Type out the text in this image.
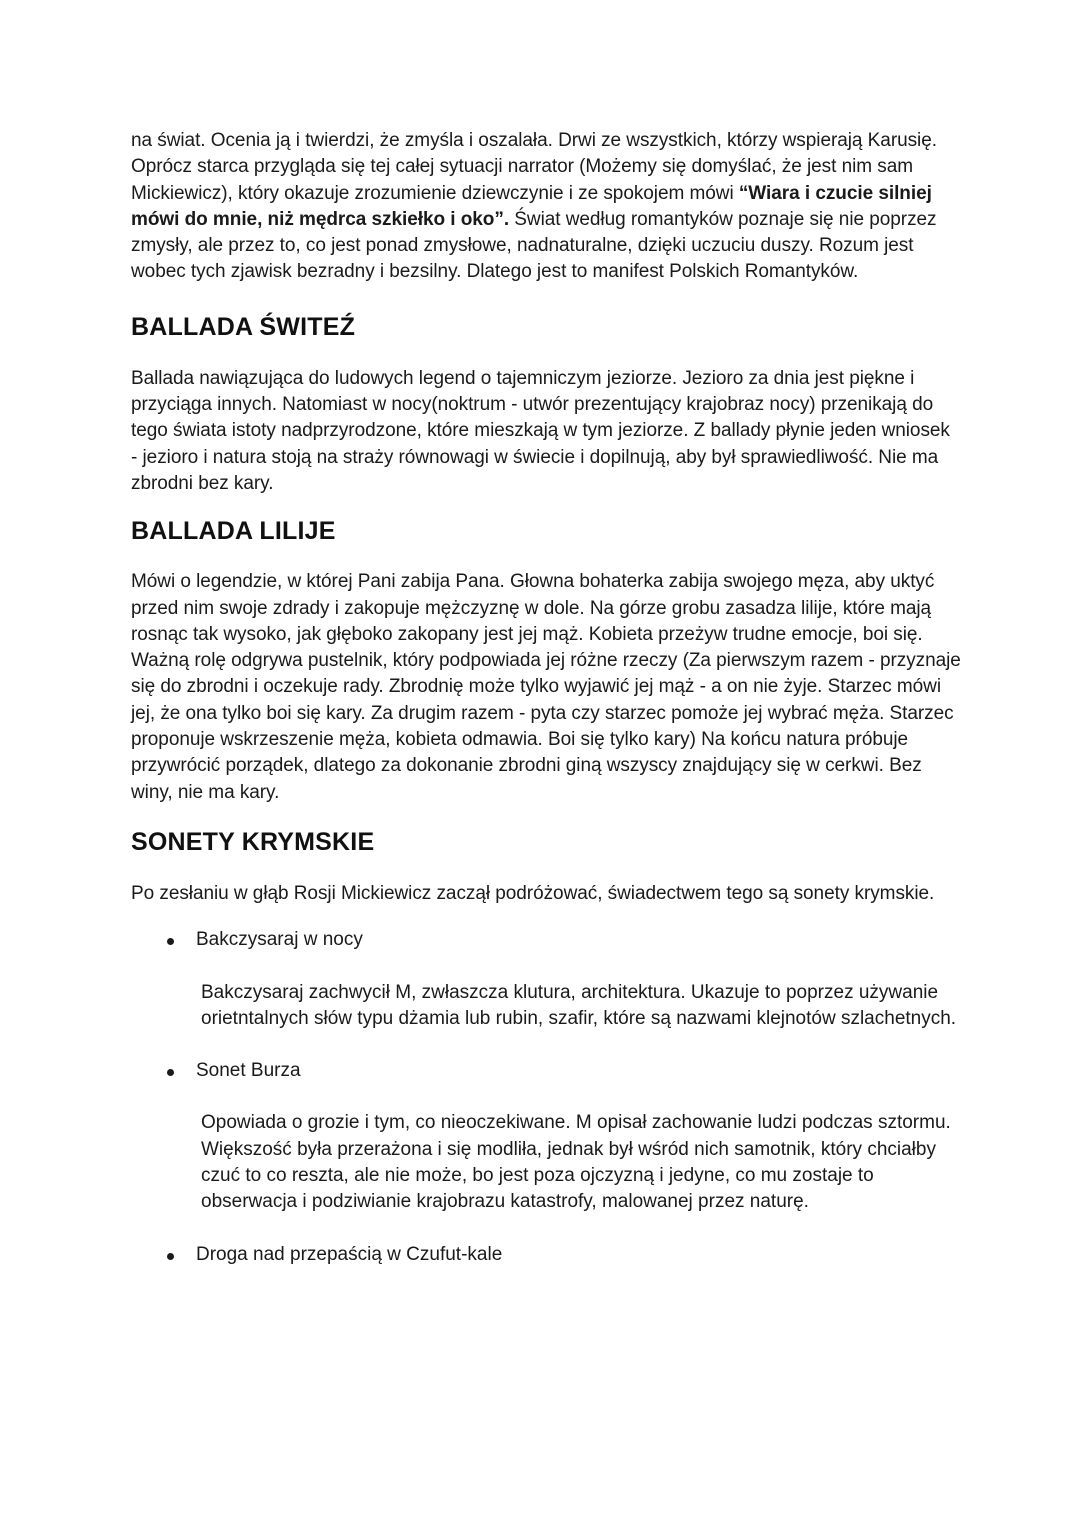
na świat. Ocenia ją i twierdzi, że zmyśla i oszalała. Drwi ze wszystkich, którzy wspierają Karusię. Oprócz starca przygląda się tej całej sytuacji narrator (Możemy się domyślać, że jest nim sam Mickiewicz), który okazuje zrozumienie dziewczynie i ze spokojem mówi “Wiara i czucie silniej mówi do mnie, niż mędrca szkiełko i oko”. Świat według romantyków poznaje się nie poprzez zmysły, ale przez to, co jest ponad zmysłowe, nadnaturalne, dzięki uczuciu duszy. Rozum jest wobec tych zjawisk bezradny i bezsilny. Dlatego jest to manifest Polskich Romantyków.

BALLADA ŚWITEŹ

Ballada nawiązująca do ludowych legend o tajemniczym jeziorze. Jezioro za dnia jest piękne i przyciąga innych. Natomiast w nocy(noktrum - utwór prezentujący krajobraz nocy) przenikają do tego świata istoty nadprzyrodzone, które mieszkają w tym jeziorze. Z ballady płynie jeden wniosek - jezioro i natura stoją na straży równowagi w świecie i dopilnują, aby był sprawiedliwość. Nie ma zbrodni bez kary.

BALLADA LILIJE

Mówi o legendzie, w której Pani zabija Pana. Głowna bohaterka zabija swojego męza, aby uktyć przed nim swoje zdrady i zakopuje mężczyznę w dole. Na górze grobu zasadza lilije, które mają rosnąc tak wysoko, jak głęboko zakopany jest jej mąż. Kobieta przeżyw trudne emocje, boi się. Ważną rolę odgrywa pustelnik, który podpowiada jej różne rzeczy (Za pierwszym razem - przyznaje się do zbrodni i oczekuje rady. Zbrodnię może tylko wyjawić jej mąż - a on nie żyje. Starzec mówi jej, że ona tylko boi się kary. Za drugim razem - pyta czy starzec pomoże jej wybrać męża. Starzec proponuje wskrzeszenie męża, kobieta odmawia. Boi się tylko kary) Na końcu natura próbuje przywrócić porządek, dlatego za dokonanie zbrodni giną wszyscy znajdujący się w cerkwi. Bez winy, nie ma kary.

SONETY KRYMSKIE

Po zesłaniu w głąb Rosji Mickiewicz zaczął podróżować, świadectwem tego są sonety krymskie.

Bakczysaraj w nocy

Bakczysaraj zachwycił M, zwłaszcza klutura, architektura. Ukazuje to poprzez używanie orietntalnych słów typu dżamia lub rubin, szafir, które są nazwami klejnotów szlachetnych.

Sonet Burza

Opowiada o grozie i tym, co nieoczekiwane. M opisał zachowanie ludzi podczas sztormu. Większość była przerażona i się modliła, jednak był wśród nich samotnik, który chciałby czuć to co reszta, ale nie może, bo jest poza ojczyzną i jedyne, co mu zostaje to obserwacja i podziwianie krajobrazu katastrofy, malowanej przez naturę.

Droga nad przepaścią w Czufut-kale
